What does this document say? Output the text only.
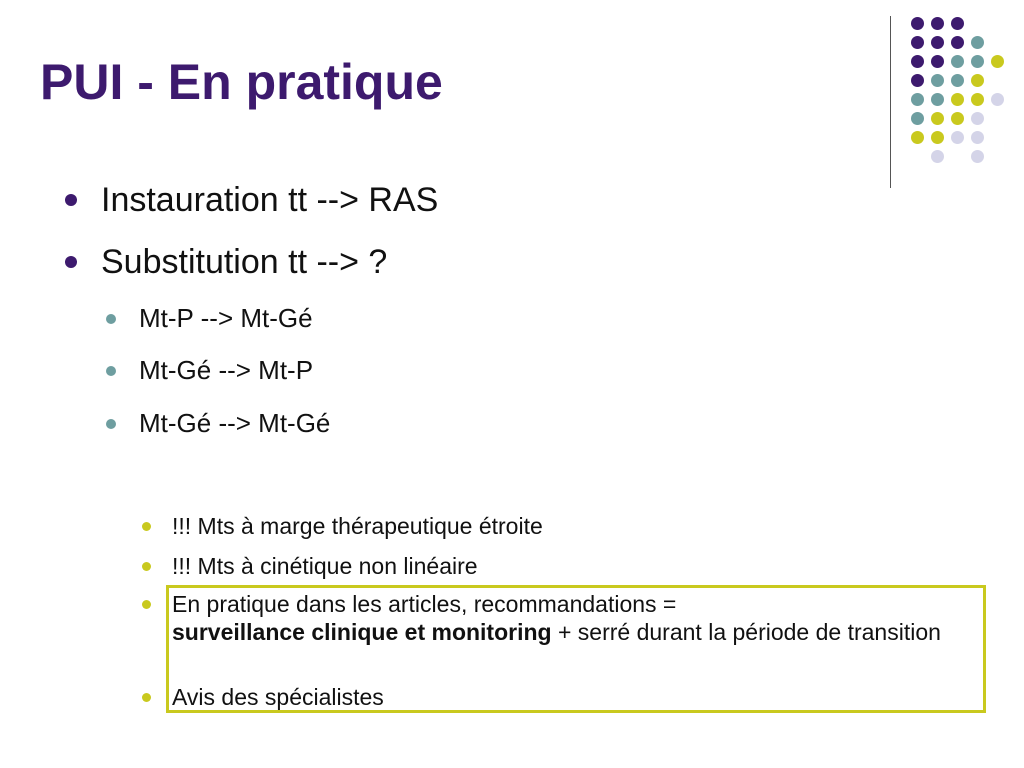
PUI - En pratique
Instauration tt --> RAS
Substitution tt --> ?
Mt-P --> Mt-Gé
Mt-Gé --> Mt-P
Mt-Gé --> Mt-Gé
!!! Mts à marge thérapeutique étroite
!!! Mts à cinétique non linéaire
En pratique dans les articles, recommandations =
surveillance clinique et monitoring + serré durant la période de transition
Avis des spécialistes
